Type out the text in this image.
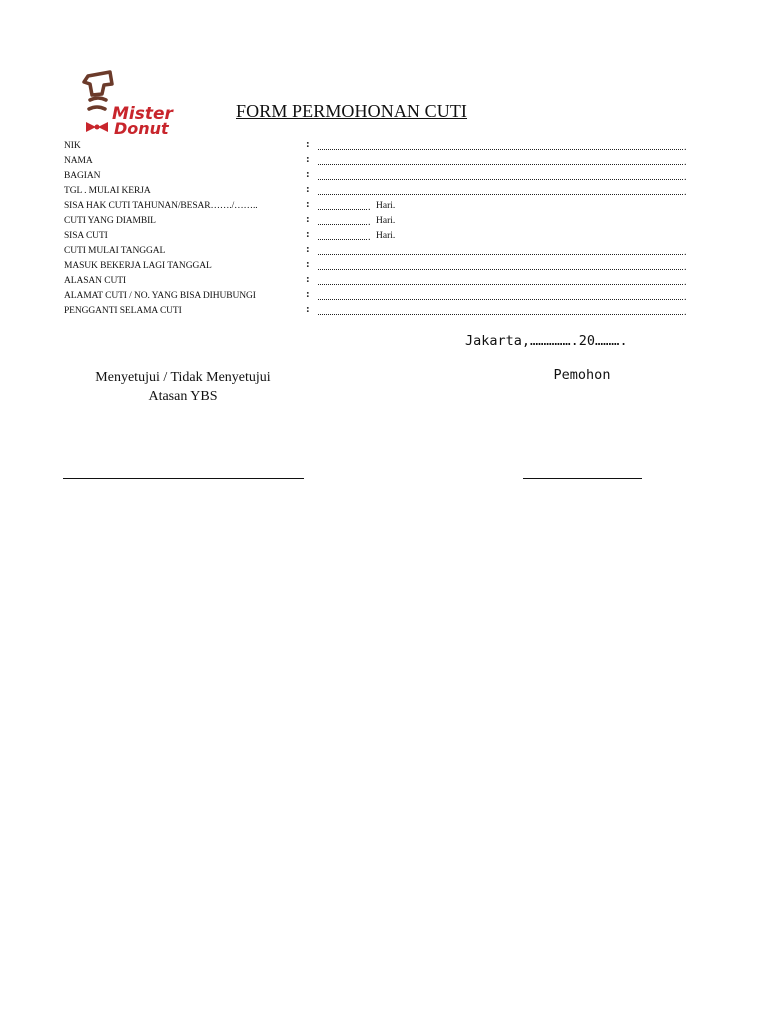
Mister
Donut
FORM PERMOHONAN CUTI
NIK	:	.
NAMA	:	.
BAGIAN	:	.
TGL . MULAI KERJA	:	.
SISA HAK CUTI TAHUNAN/BESAR……./……..	:	. Hari.
CUTI YANG DIAMBIL	:	. Hari.
SISA CUTI	:	. Hari.
CUTI MULAI TANGGAL	:	.
MASUK BEKERJA LAGI TANGGAL	:	.
ALASAN CUTI	:	.
ALAMAT CUTI / NO. YANG BISA DIHUBUNGI	:	.
PENGGANTI SELAMA CUTI	:	.
Jakarta,…………….20……….
Menyetujui / Tidak Menyetujui
Atasan YBS
Pemohon
